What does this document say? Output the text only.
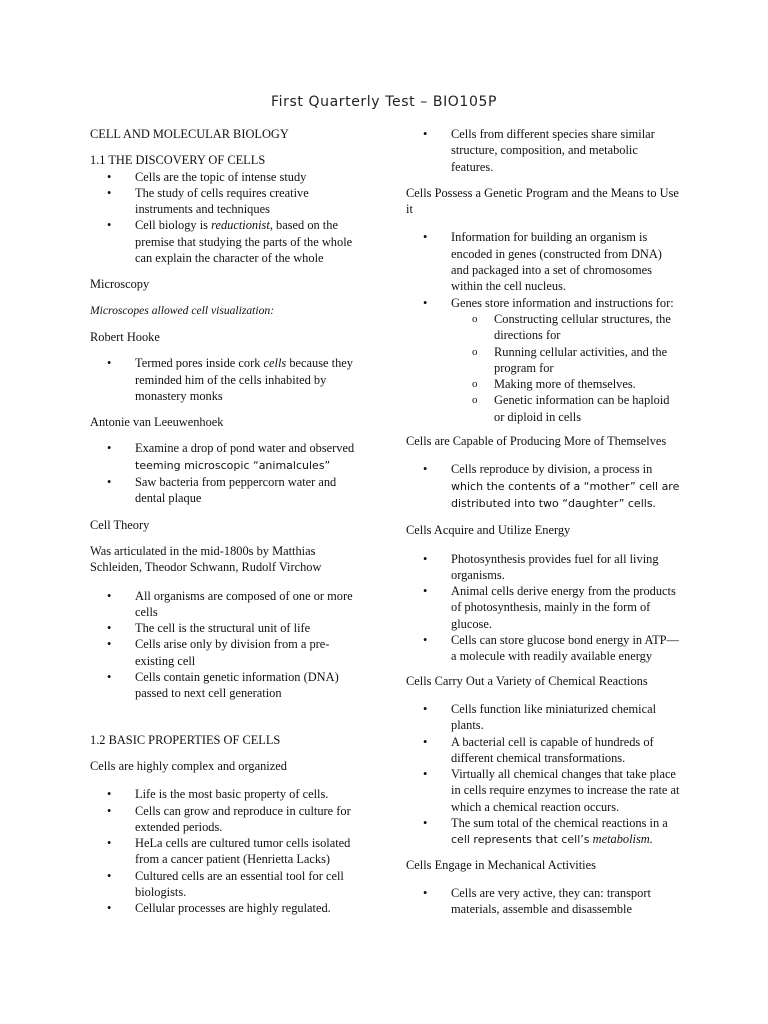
First Quarterly Test – BIO105P

CELL AND MOLECULAR BIOLOGY

1.1 THE DISCOVERY OF CELLS

• Cells are the topic of intense study
• The study of cells requires creative instruments and techniques
• Cell biology is reductionist, based on the premise that studying the parts of the whole can explain the character of the whole

Microscopy

Microscopes allowed cell visualization:

Robert Hooke

• Termed pores inside cork cells because they reminded him of the cells inhabited by monastery monks

Antonie van Leeuwenhoek

• Examine a drop of pond water and observed teeming microscopic “animalcules”
• Saw bacteria from peppercorn water and dental plaque

Cell Theory

Was articulated in the mid-1800s by Matthias Schleiden, Theodor Schwann, Rudolf Virchow

• All organisms are composed of one or more cells
• The cell is the structural unit of life
• Cells arise only by division from a pre-existing cell
• Cells contain genetic information (DNA) passed to next cell generation

1.2 BASIC PROPERTIES OF CELLS

Cells are highly complex and organized

• Life is the most basic property of cells.
• Cells can grow and reproduce in culture for extended periods.
• HeLa cells are cultured tumor cells isolated from a cancer patient (Henrietta Lacks)
• Cultured cells are an essential tool for cell biologists.
• Cellular processes are highly regulated.
• Cells from different species share similar structure, composition, and metabolic features.

Cells Possess a Genetic Program and the Means to Use it

• Information for building an organism is encoded in genes (constructed from DNA) and packaged into a set of chromosomes within the cell nucleus.
• Genes store information and instructions for:
o Constructing cellular structures, the directions for
o Running cellular activities, and the program for
o Making more of themselves.
o Genetic information can be haploid or diploid in cells

Cells are Capable of Producing More of Themselves

• Cells reproduce by division, a process in which the contents of a “mother” cell are distributed into two “daughter” cells.

Cells Acquire and Utilize Energy

• Photosynthesis provides fuel for all living organisms.
• Animal cells derive energy from the products of photosynthesis, mainly in the form of glucose.
• Cells can store glucose bond energy in ATP—a molecule with readily available energy

Cells Carry Out a Variety of Chemical Reactions

• Cells function like miniaturized chemical plants.
• A bacterial cell is capable of hundreds of different chemical transformations.
• Virtually all chemical changes that take place in cells require enzymes to increase the rate at which a chemical reaction occurs.
• The sum total of the chemical reactions in a cell represents that cell’s metabolism.

Cells Engage in Mechanical Activities

• Cells are very active, they can: transport materials, assemble and disassemble
